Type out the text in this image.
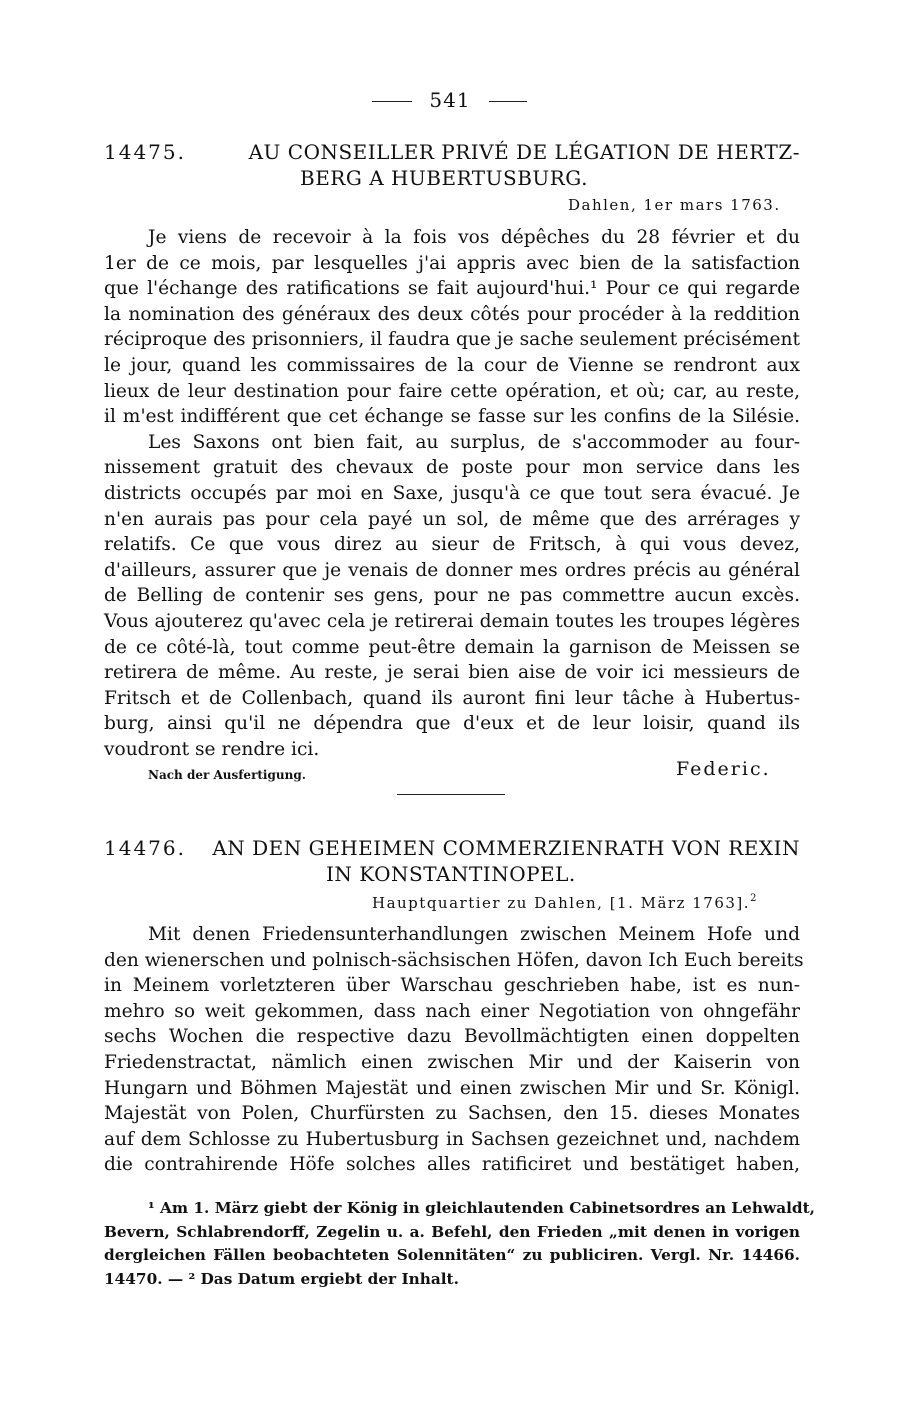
541
14475.	AU CONSEILLER PRIVÉ DE LÉGATION DE HERTZ-
BERG A HUBERTUSBURG.
Dahlen, 1er mars 1763.

Je viens de recevoir à la fois vos dépêches du 28 février et du

1er de ce mois, par lesquelles j'ai appris avec bien de la satisfaction

que l'échange des ratifications se fait aujourd'hui.¹ Pour ce qui regarde

la nomination des généraux des deux côtés pour procéder à la reddition

réciproque des prisonniers, il faudra que je sache seulement précisément

le jour, quand les commissaires de la cour de Vienne se rendront aux

lieux de leur destination pour faire cette opération, et où; car, au reste,

il m'est indifférent que cet échange se fasse sur les confins de la Silésie.

Les Saxons ont bien fait, au surplus, de s'accommoder au four-

nissement gratuit des chevaux de poste pour mon service dans les

districts occupés par moi en Saxe, jusqu'à ce que tout sera évacué. Je

n'en aurais pas pour cela payé un sol, de même que des arrérages y

relatifs. Ce que vous direz au sieur de Fritsch, à qui vous devez,

d'ailleurs, assurer que je venais de donner mes ordres précis au général

de Belling de contenir ses gens, pour ne pas commettre aucun excès.

Vous ajouterez qu'avec cela je retirerai demain toutes les troupes légères

de ce côté-là, tout comme peut-être demain la garnison de Meissen se

retirera de même. Au reste, je serai bien aise de voir ici messieurs de

Fritsch et de Collenbach, quand ils auront fini leur tâche à Hubertus-

burg, ainsi qu'il ne dépendra que d'eux et de leur loisir, quand ils

voudront se rendre ici.

Nach der Ausfertigung.	Federic.
14476. AN DEN GEHEIMEN COMMERZIENRATH VON REXIN
IN KONSTANTINOPEL.
Hauptquartier zu Dahlen, [1. März 1763].$^2$

Mit denen Friedensunterhandlungen zwischen Meinem Hofe und

den wienerschen und polnisch-sächsischen Höfen, davon Ich Euch bereits

in Meinem vorletzteren über Warschau geschrieben habe, ist es nun-

mehro so weit gekommen, dass nach einer Negotiation von ohngefähr

sechs Wochen die respective dazu Bevollmächtigten einen doppelten

Friedenstractat, nämlich einen zwischen Mir und der Kaiserin von

Hungarn und Böhmen Majestät und einen zwischen Mir und Sr. Königl.

Majestät von Polen, Churfürsten zu Sachsen, den 15. dieses Monates

auf dem Schlosse zu Hubertusburg in Sachsen gezeichnet und, nachdem

die contrahirende Höfe solches alles ratificiret und bestätiget haben,

¹ Am 1. März giebt der König in gleichlautenden Cabinetsordres an Lehwaldt,

Bevern, Schlabrendorff, Zegelin u. a. Befehl, den Frieden „mit denen in vorigen

dergleichen Fällen beobachteten Solennitäten“ zu publiciren. Vergl. Nr. 14466.

14470. — ² Das Datum ergiebt der Inhalt.
